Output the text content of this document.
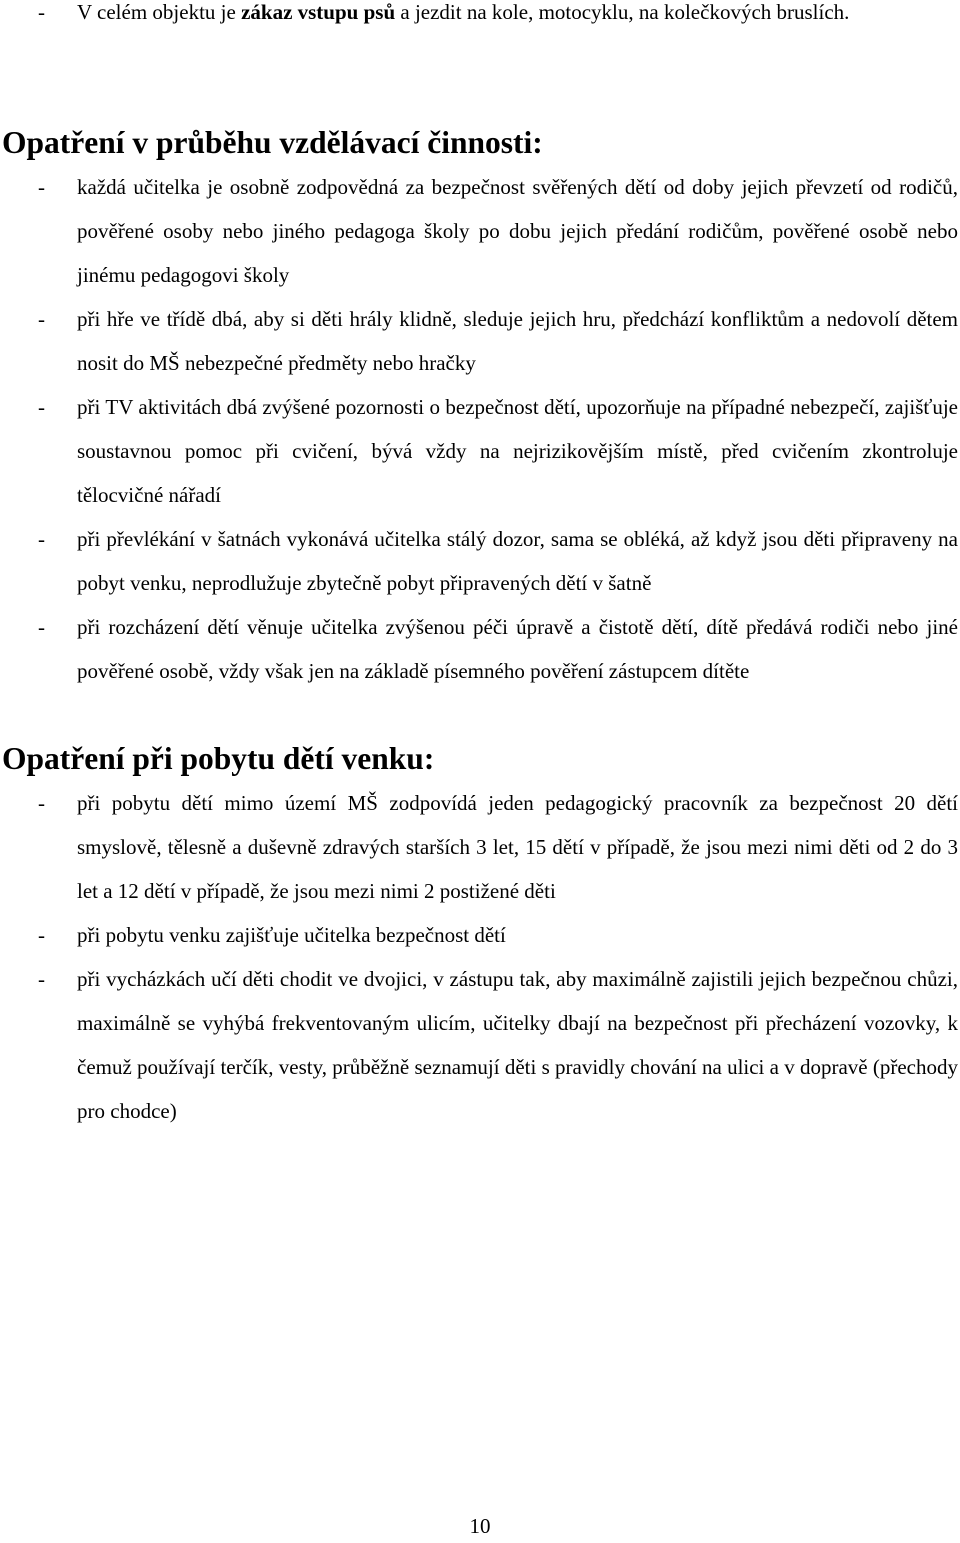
- V celém objektu je zákaz vstupu psů a jezdit na kole, motocyklu, na kolečkových bruslích.
Opatření v průběhu vzdělávací činnosti:
- každá učitelka je osobně zodpovědná za bezpečnost svěřených dětí od doby jejich převzetí od rodičů, pověřené osoby nebo jiného pedagoga školy po dobu jejich předání rodičům, pověřené osobě nebo jinému pedagogovi školy
- při hře ve třídě dbá, aby si děti hrály klidně, sleduje jejich hru, předchází konfliktům a nedovolí dětem nosit do MŠ nebezpečné předměty nebo hračky
- při TV aktivitách dbá zvýšené pozornosti o bezpečnost dětí, upozorňuje na případné nebezpečí, zajišťuje soustavnou pomoc při cvičení, bývá vždy na nejrizikovějším místě, před cvičením zkontroluje tělocvičné nářadí
- při převlékání v šatnách vykonává učitelka stálý dozor, sama se obléká, až když jsou děti připraveny na pobyt venku, neprodlužuje zbytečně pobyt připravených dětí v šatně
- při rozcházení dětí věnuje učitelka zvýšenou péči úpravě a čistotě dětí, dítě předává rodiči nebo jiné pověřené osobě, vždy však jen na základě písemného pověření zástupcem dítěte
Opatření při pobytu dětí venku:
- při pobytu dětí mimo území MŠ zodpovídá jeden pedagogický pracovník za bezpečnost 20 dětí smyslově, tělesně a duševně zdravých starších 3 let, 15 dětí v případě, že jsou mezi nimi děti od 2 do 3 let a 12 dětí v případě, že jsou mezi nimi 2 postižené děti
- při pobytu venku zajišťuje učitelka bezpečnost dětí
- při vycházkách učí děti chodit ve dvojici, v zástupu tak, aby maximálně zajistili jejich bezpečnou chůzi, maximálně se vyhýbá frekventovaným ulicím, učitelky dbají na bezpečnost při přecházení vozovky, k čemuž používají terčík, vesty, průběžně seznamují děti s pravidly chování na ulici a v dopravě (přechody pro chodce)
10
